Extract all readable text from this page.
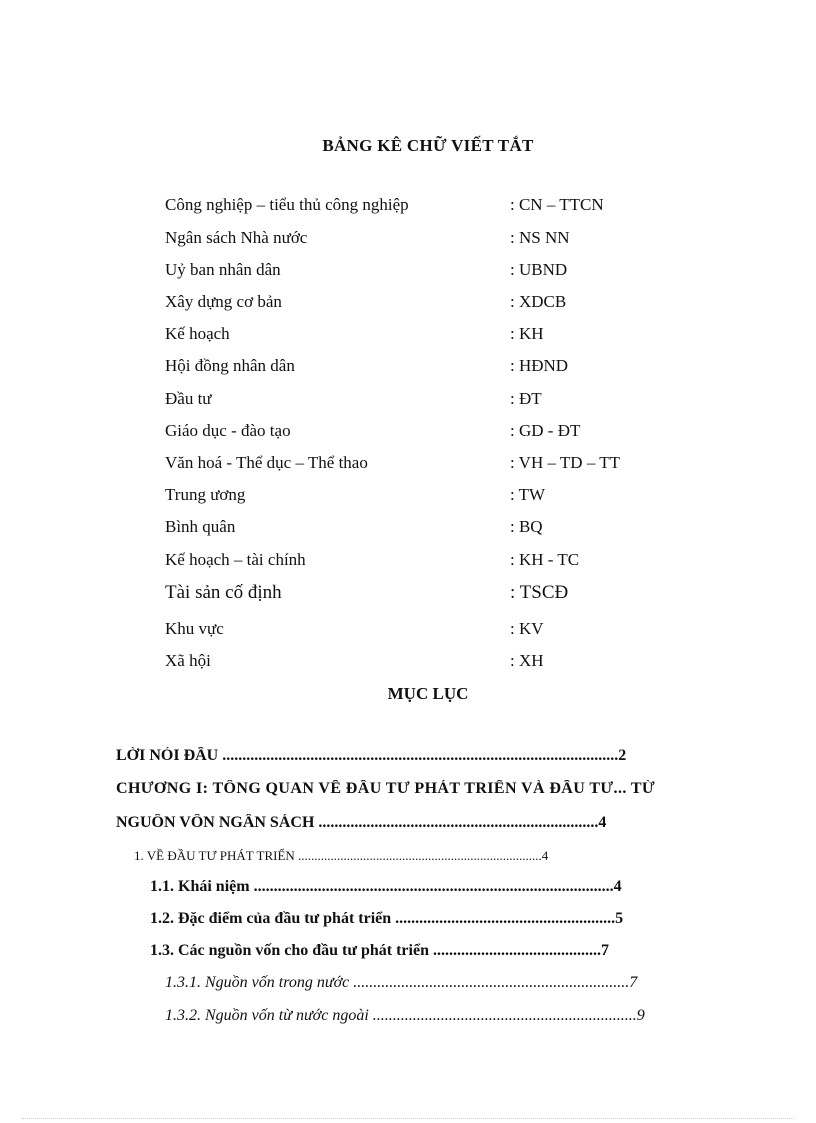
BẢNG KÊ CHỮ VIẾT TẮT
Công nghiệp – tiểu thủ công nghiệp	: CN – TTCN
Ngân sách Nhà nước	: NS NN
Uỷ ban nhân dân	: UBND
Xây dựng cơ bản	: XDCB
Kế hoạch	: KH
Hội đồng nhân dân	: HĐND
Đầu tư	: ĐT
Giáo dục - đào tạo	: GD - ĐT
Văn hoá - Thể dục – Thể thao	: VH – TD – TT
Trung ương	: TW
Bình quân	: BQ
Kế hoạch – tài chính	: KH - TC
Tài sản cố định	: TSCĐ
Khu vực	: KV
Xã hội	: XH
MỤC LỤC
LỜI NÓI ĐẦU ...................................................................................................2
CHƯƠNG I: TỔNG QUAN VỀ ĐẦU TƯ PHÁT TRIỂN VÀ ĐẦU TƯ... TỪ
NGUỒN VỐN NGÂN SÁCH ......................................................................4
1. VỀ ĐẦU TƯ PHÁT TRIỂN ...........................................................................4
1.1. Khái niệm ..........................................................................................4
1.2. Đặc điểm của đầu tư phát triển .......................................................5
1.3. Các nguồn vốn cho đầu tư phát triển ..........................................7
1.3.1. Nguồn vốn trong nước .....................................................................7
1.3.2. Nguồn vốn từ nước ngoài ..................................................................9
